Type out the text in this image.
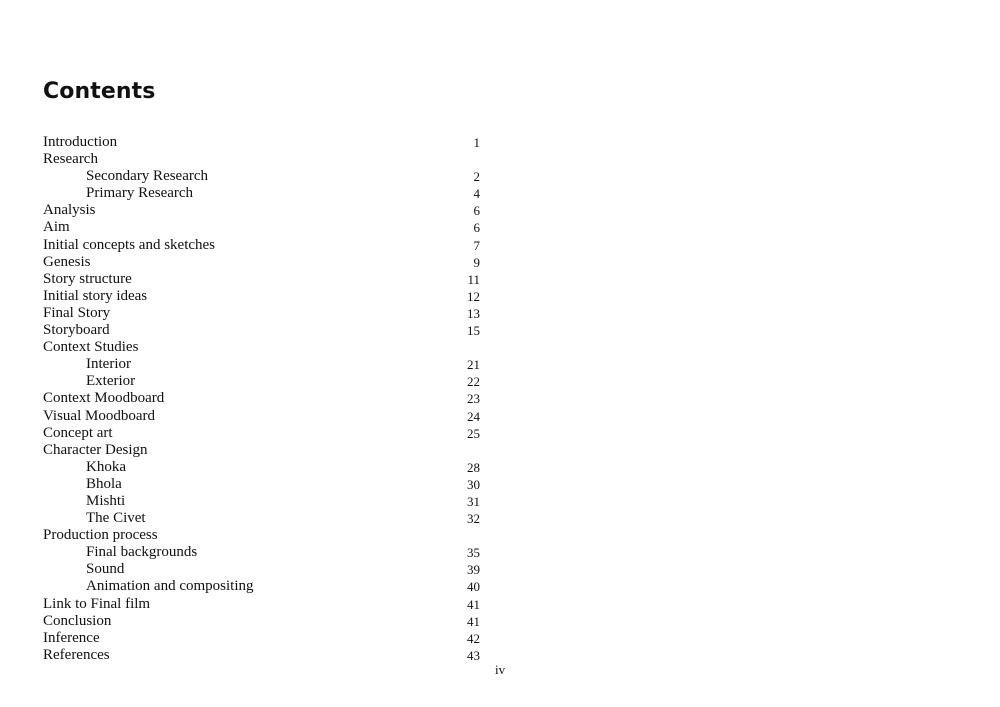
Contents
Introduction	1
Research
Secondary Research	2
Primary Research	4
Analysis	6
Aim	6
Initial concepts and sketches	7
Genesis	9
Story structure	11
Initial story ideas	12
Final Story	13
Storyboard	15
Context Studies
Interior	21
Exterior	22
Context Moodboard	23
Visual Moodboard	24
Concept art	25
Character Design
Khoka	28
Bhola	30
Mishti	31
The Civet	32
Production process
Final backgrounds	35
Sound	39
Animation and compositing	40
Link to Final film	41
Conclusion	41
Inference	42
References	43
iv
